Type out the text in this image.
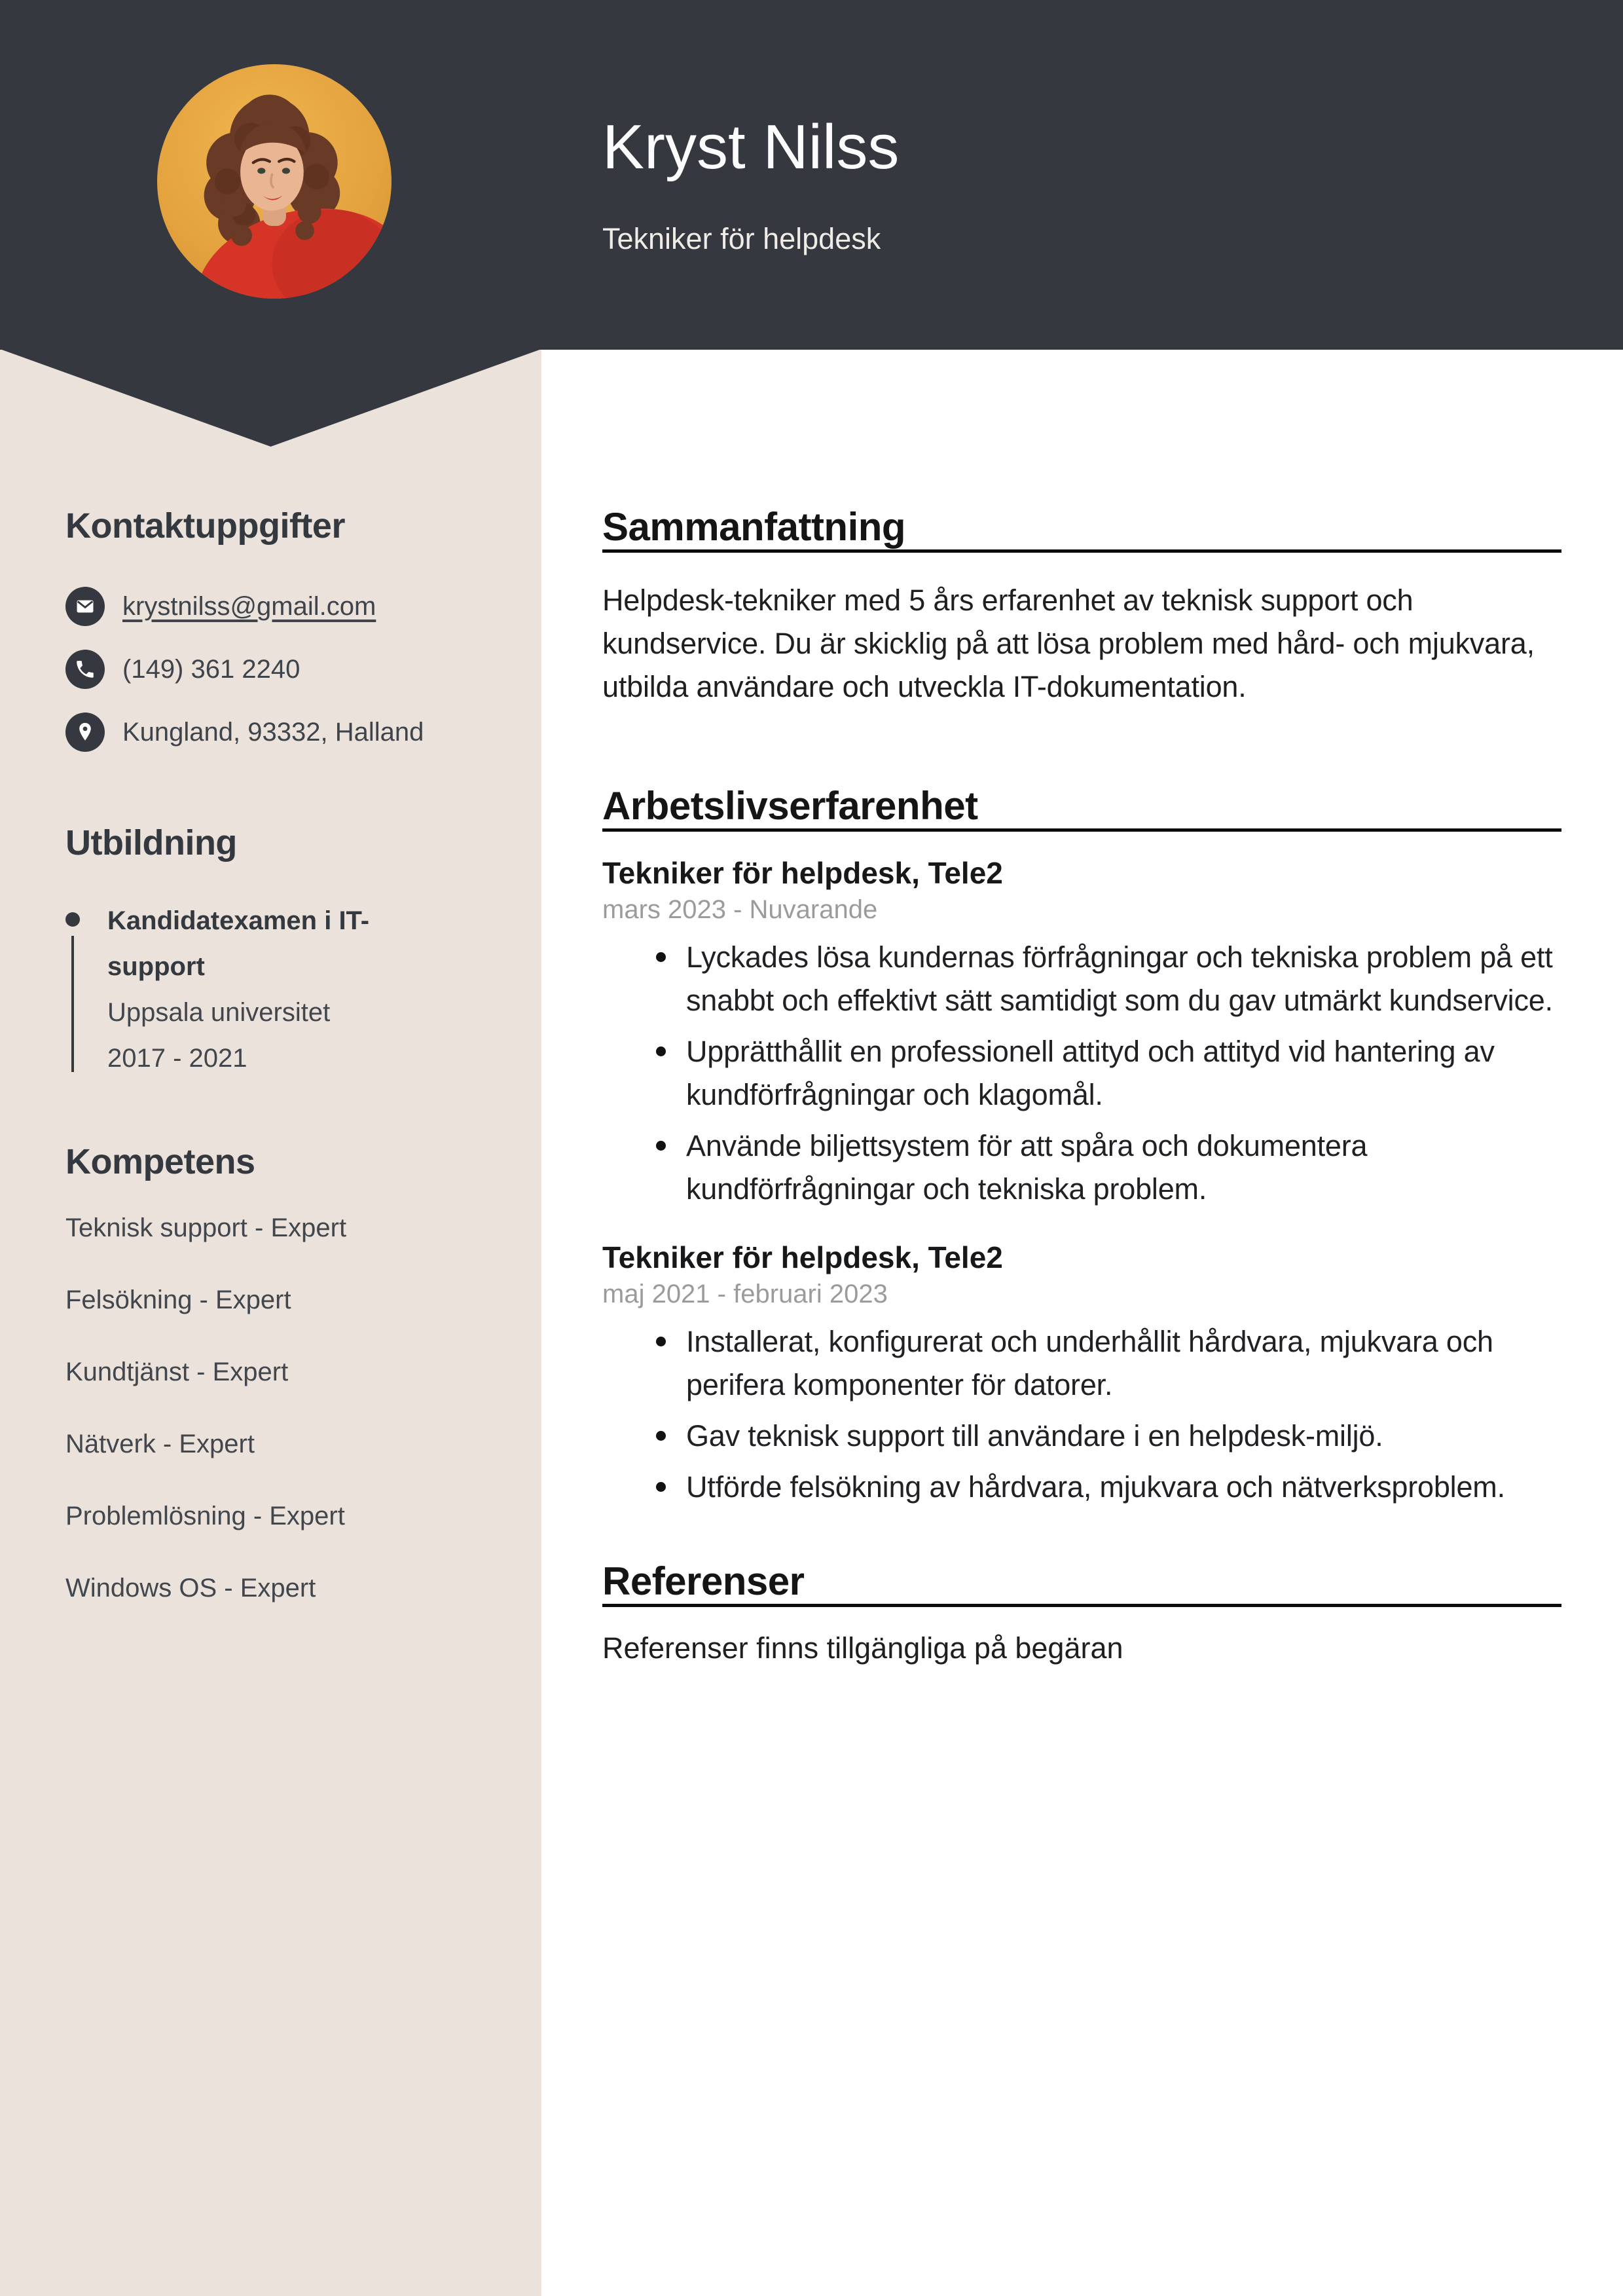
Kryst Nilss
Tekniker för helpdesk
Kontaktuppgifter
krystnilss@gmail.com
(149) 361 2240
Kungland, 93332, Halland
Utbildning

Kandidatexamen i IT-support

Uppsala universitet

2017 - 2021

Kompetens
Teknisk support - Expert
Felsökning - Expert
Kundtjänst - Expert
Nätverk - Expert
Problemlösning - Expert
Windows OS - Expert
Sammanfattning

Helpdesk-tekniker med 5 års erfarenhet av teknisk support och kundservice. Du är skicklig på att lösa problem med hård- och mjukvara, utbilda användare och utveckla IT-dokumentation.

Arbetslivserfarenhet

Tekniker för helpdesk, Tele2

mars 2023 - Nuvarande

Lyckades lösa kundernas förfrågningar och tekniska problem på ett snabbt och effektivt sätt samtidigt som du gav utmärkt kundservice.
Upprätthållit en professionell attityd och attityd vid hantering av kundförfrågningar och klagomål.
Använde biljettsystem för att spåra och dokumentera kundförfrågningar och tekniska problem.

Tekniker för helpdesk, Tele2

maj 2021 - februari 2023

Installerat, konfigurerat och underhållit hårdvara, mjukvara och perifera komponenter för datorer.
Gav teknisk support till användare i en helpdesk-miljö.
Utförde felsökning av hårdvara, mjukvara och nätverksproblem.
Referenser

Referenser finns tillgängliga på begäran
